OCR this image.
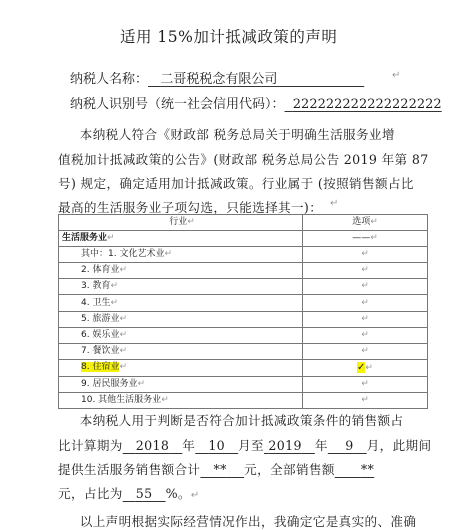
适用 15%加计抵减政策的声明
纳税人名称： 二哥税税念有限公司	↵
纳税人识别号（统一社会信用代码）： 222222222222222222
本纳税人符合《财政部 税务总局关于明确生活服务业增
值税加计抵减政策的公告》(财政部 税务总局公告 2019 年第 87
号) 规定，确定适用加计抵减政策。行业属于 (按照销售额占比
最高的生活服务业子项勾选，只能选择其一)： ↵
行业↵	选项↵
生活服务业↵	——↵
其中：1. 文化艺术业↵	↵
2. 体育业↵	↵
3. 教育↵	↵
4. 卫生↵	↵
5. 旅游业↵	↵
6. 娱乐业↵	↵
7. 餐饮业↵	↵
8. 住宿业↵	✓↵
9. 居民服务业↵	↵
10. 其他生活服务业↵	↵
本纳税人用于判断是否符合加计抵减政策条件的销售额占
比计算期为 2018 年 10 月至 2019 年 9 月，此期间
提供生活服务销售额合计 ** 元，全部销售额 **
元，占比为 55 %。↵
以上声明根据实际经营情况作出，我确定它是真实的、准确
